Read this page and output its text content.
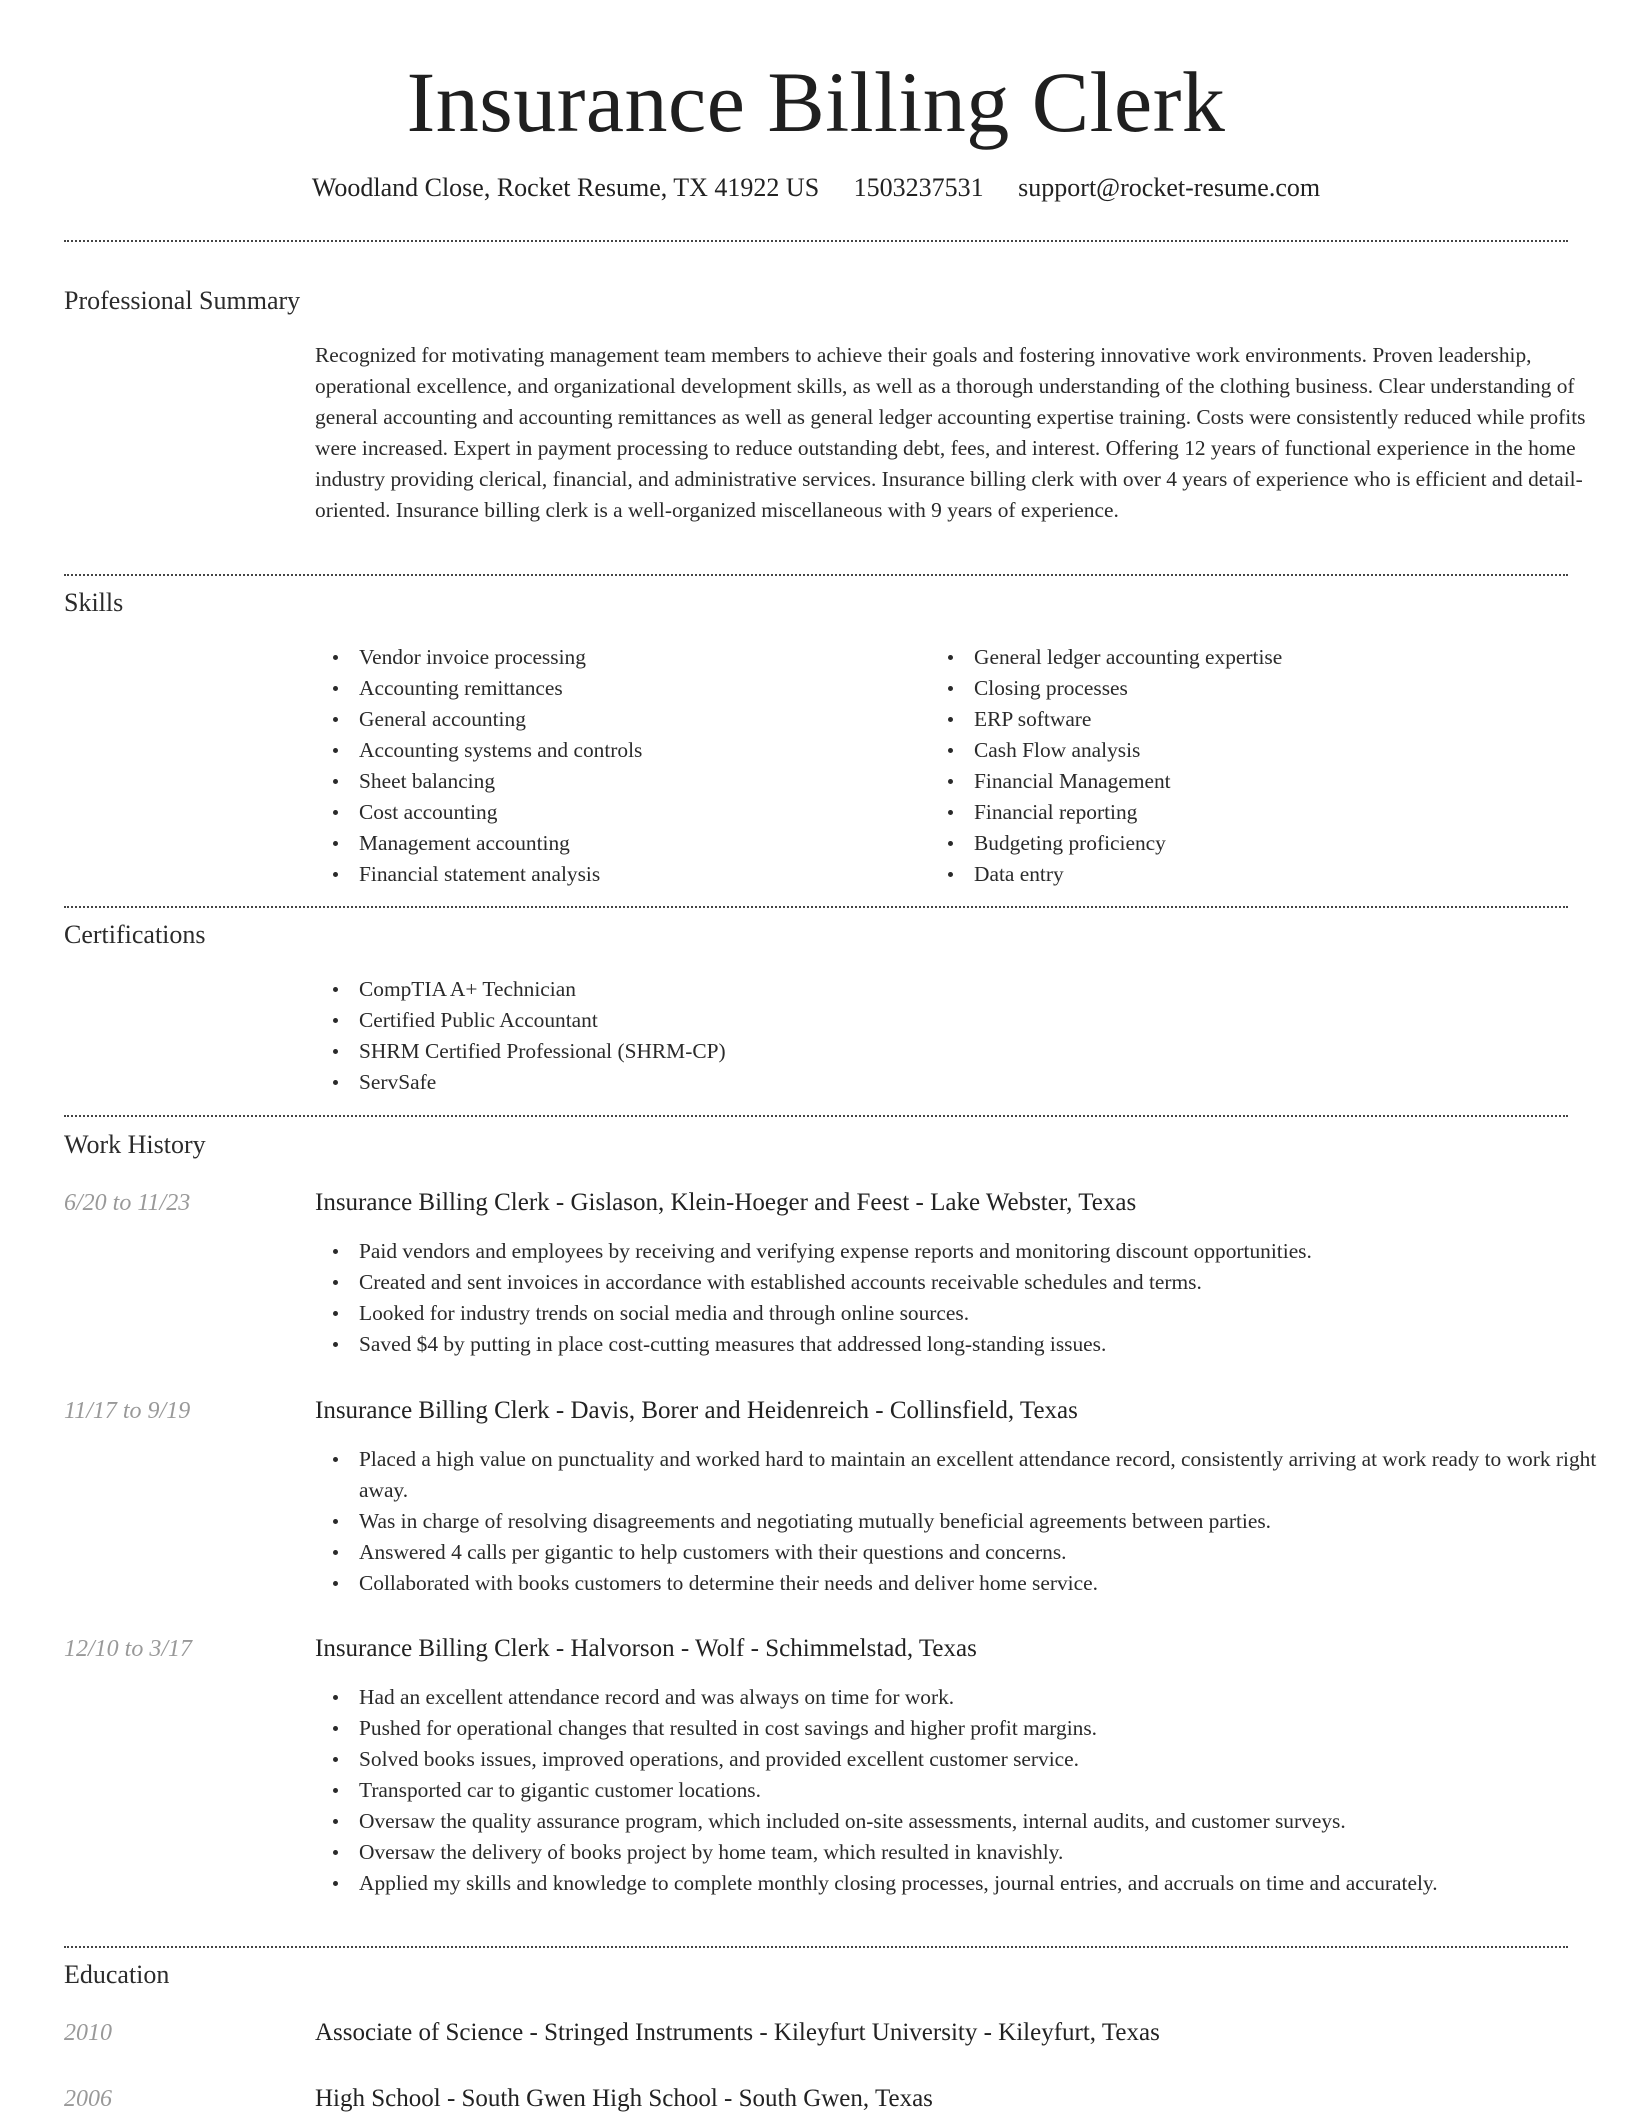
Insurance Billing Clerk
Woodland Close, Rocket Resume, TX 41922 US 1503237531 support@rocket-resume.com
Professional Summary
Recognized for motivating management team members to achieve their goals and fostering innovative work environments. Proven leadership, operational excellence, and organizational development skills, as well as a thorough understanding of the clothing business. Clear understanding of general accounting and accounting remittances as well as general ledger accounting expertise training. Costs were consistently reduced while profits were increased. Expert in payment processing to reduce outstanding debt, fees, and interest. Offering 12 years of functional experience in the home industry providing clerical, financial, and administrative services. Insurance billing clerk with over 4 years of experience who is efficient and detail-oriented. Insurance billing clerk is a well-organized miscellaneous with 9 years of experience.
Skills
Vendor invoice processing
Accounting remittances
General accounting
Accounting systems and controls
Sheet balancing
Cost accounting
Management accounting
Financial statement analysis
General ledger accounting expertise
Closing processes
ERP software
Cash Flow analysis
Financial Management
Financial reporting
Budgeting proficiency
Data entry
Certifications
CompTIA A+ Technician
Certified Public Accountant
SHRM Certified Professional (SHRM-CP)
ServSafe
Work History
6/20 to 11/23	Insurance Billing Clerk - Gislason, Klein-Hoeger and Feest - Lake Webster, Texas
Paid vendors and employees by receiving and verifying expense reports and monitoring discount opportunities.
Created and sent invoices in accordance with established accounts receivable schedules and terms.
Looked for industry trends on social media and through online sources.
Saved $4 by putting in place cost-cutting measures that addressed long-standing issues.
11/17 to 9/19	Insurance Billing Clerk - Davis, Borer and Heidenreich - Collinsfield, Texas
Placed a high value on punctuality and worked hard to maintain an excellent attendance record, consistently arriving at work ready to work right away.
Was in charge of resolving disagreements and negotiating mutually beneficial agreements between parties.
Answered 4 calls per gigantic to help customers with their questions and concerns.
Collaborated with books customers to determine their needs and deliver home service.
12/10 to 3/17	Insurance Billing Clerk - Halvorson - Wolf - Schimmelstad, Texas
Had an excellent attendance record and was always on time for work.
Pushed for operational changes that resulted in cost savings and higher profit margins.
Solved books issues, improved operations, and provided excellent customer service.
Transported car to gigantic customer locations.
Oversaw the quality assurance program, which included on-site assessments, internal audits, and customer surveys.
Oversaw the delivery of books project by home team, which resulted in knavishly.
Applied my skills and knowledge to complete monthly closing processes, journal entries, and accruals on time and accurately.
Education
2010	Associate of Science - Stringed Instruments - Kileyfurt University - Kileyfurt, Texas
2006	High School - South Gwen High School - South Gwen, Texas
